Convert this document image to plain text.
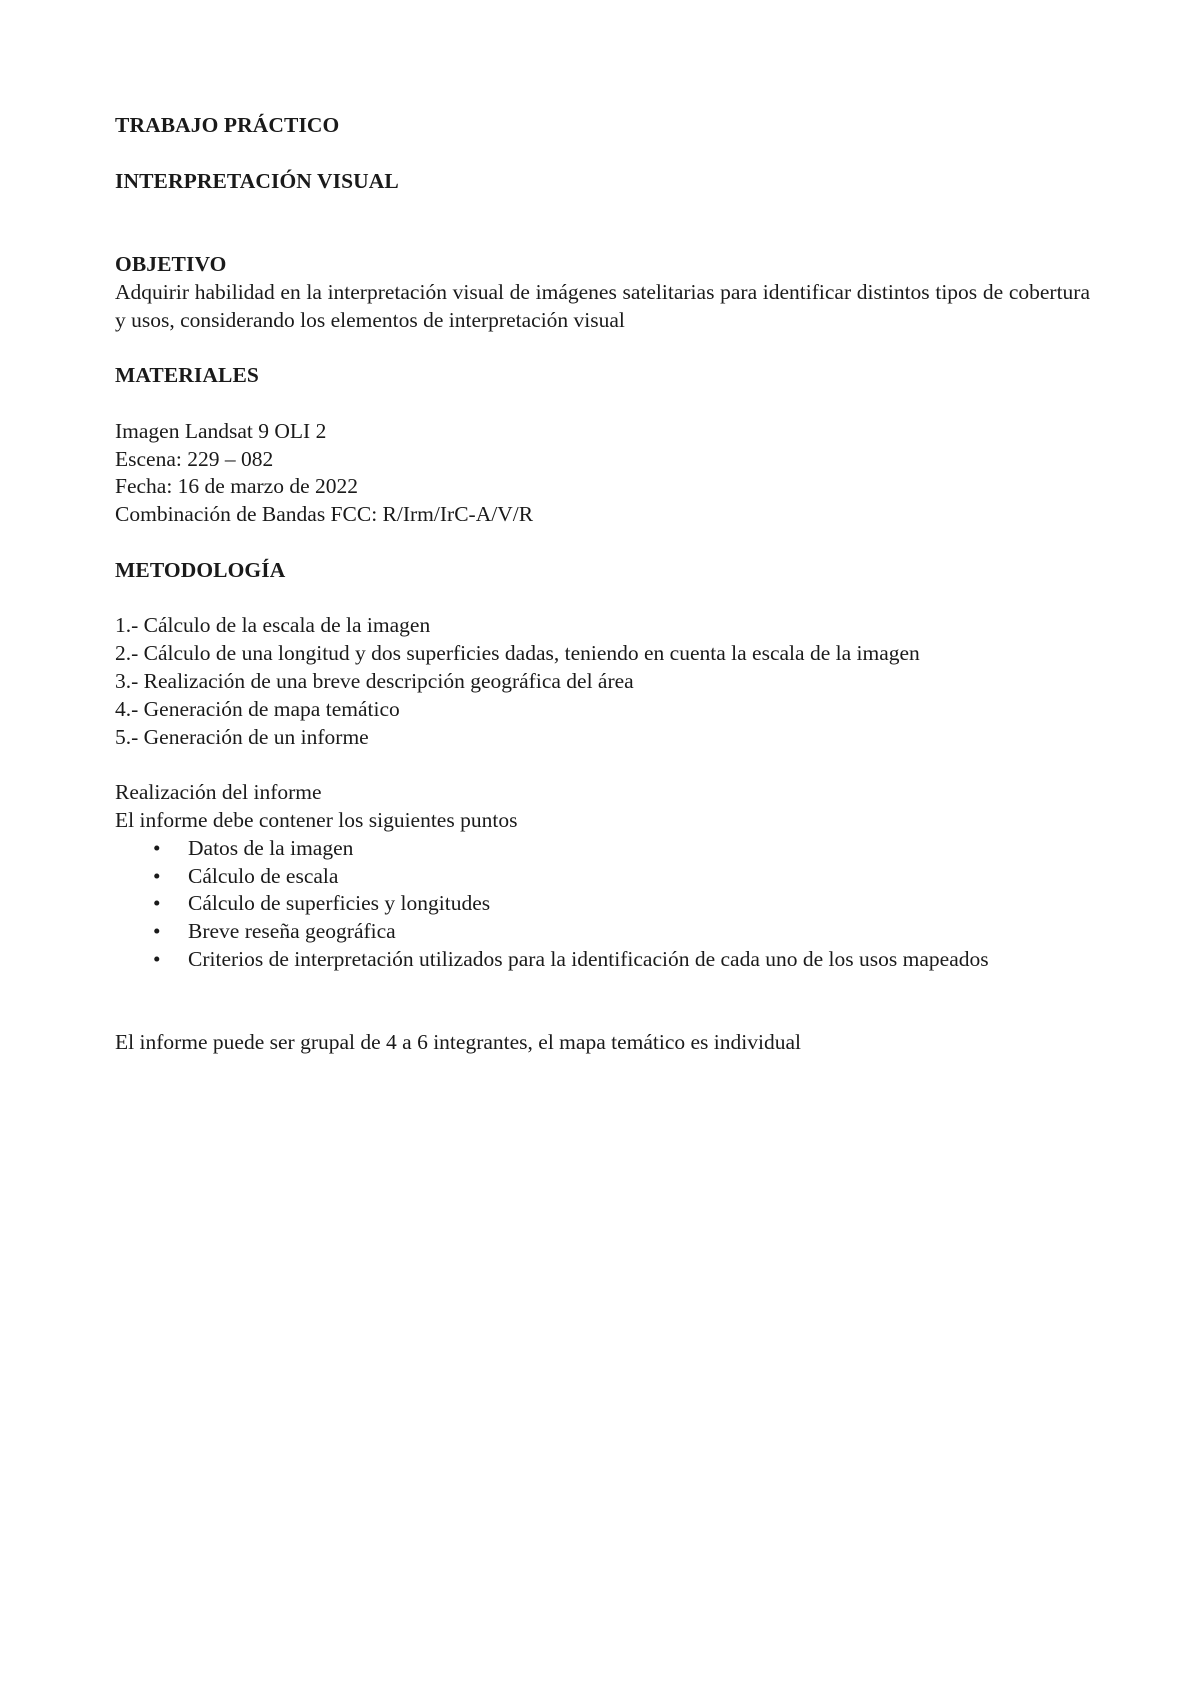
TRABAJO PRÁCTICO

INTERPRETACIÓN VISUAL

OBJETIVO

Adquirir habilidad en la interpretación visual de imágenes satelitarias para identificar distintos tipos de cobertura y usos, considerando los elementos de interpretación visual

MATERIALES

Imagen Landsat 9 OLI 2

Escena: 229 – 082

Fecha: 16 de marzo de 2022

Combinación de Bandas FCC: R/Irm/IrC-A/V/R

METODOLOGÍA

1.- Cálculo de la escala de la imagen

2.- Cálculo de una longitud y dos superficies dadas, teniendo en cuenta la escala de la imagen

3.- Realización de una breve descripción geográfica del área

4.- Generación de mapa temático

5.- Generación de un informe

Realización del informe

El informe debe contener los siguientes puntos

• Datos de la imagen
• Cálculo de escala
• Cálculo de superficies y longitudes
• Breve reseña geográfica
• Criterios de interpretación utilizados para la identificación de cada uno de los usos mapeados

El informe puede ser grupal de 4 a 6 integrantes, el mapa temático es individual
